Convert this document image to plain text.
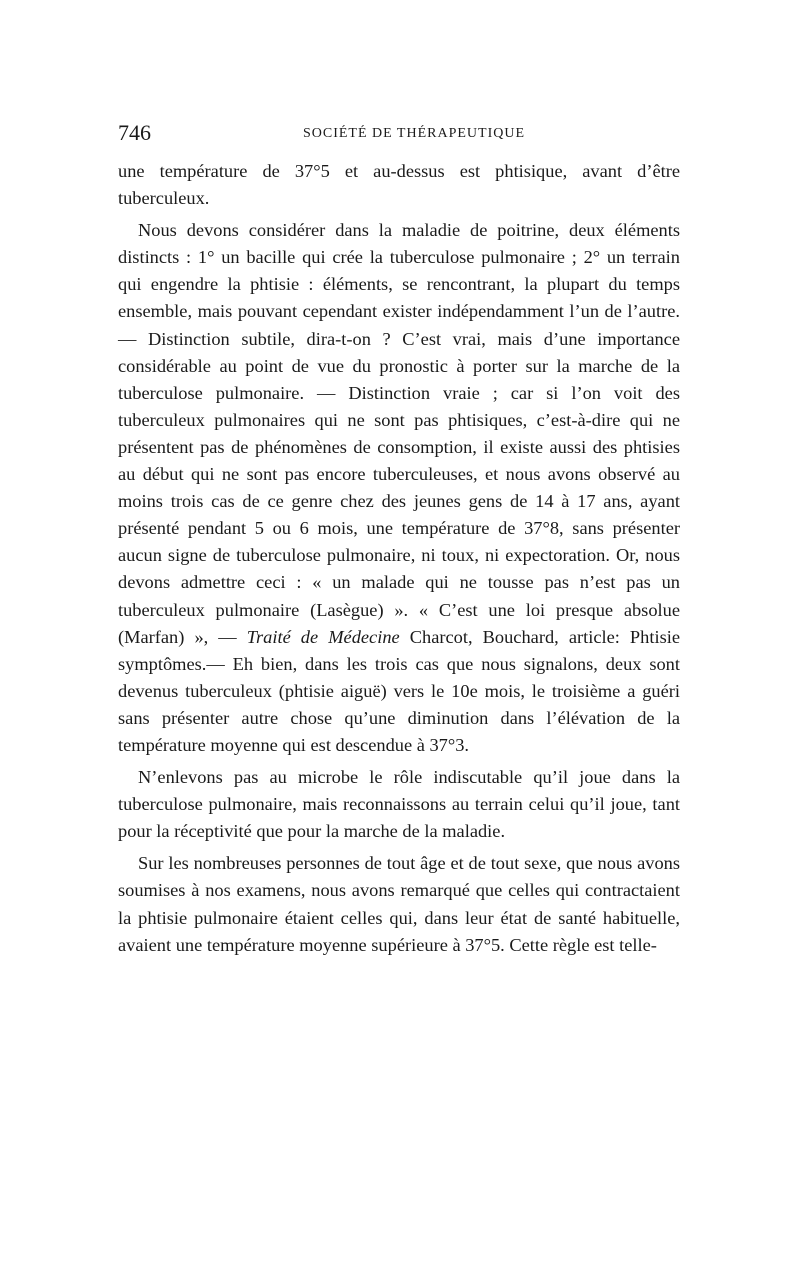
746	SOCIÉTÉ DE THÉRAPEUTIQUE

une température de 37°5 et au-dessus est phtisique, avant d’être tuberculeux.

Nous devons considérer dans la maladie de poitrine, deux éléments distincts : 1° un bacille qui crée la tuberculose pulmonaire ; 2° un terrain qui engendre la phtisie : éléments, se rencontrant, la plupart du temps ensemble, mais pouvant cependant exister indépendamment l’un de l’autre. — Distinction subtile, dira-t-on ? C’est vrai, mais d’une importance considérable au point de vue du pronostic à porter sur la marche de la tuberculose pulmonaire. — Distinction vraie ; car si l’on voit des tuberculeux pulmonaires qui ne sont pas phtisiques, c’est-à-dire qui ne présentent pas de phénomènes de consomption, il existe aussi des phtisies au début qui ne sont pas encore tuberculeuses, et nous avons observé au moins trois cas de ce genre chez des jeunes gens de 14 à 17 ans, ayant présenté pendant 5 ou 6 mois, une température de 37°8, sans présenter aucun signe de tuberculose pulmonaire, ni toux, ni expectoration. Or, nous devons admettre ceci : « un malade qui ne tousse pas n’est pas un tuberculeux pulmonaire (Lasègue) ». « C’est une loi presque absolue (Marfan) », — Traité de Médecine Charcot, Bouchard, article: Phtisie symptômes.— Eh bien, dans les trois cas que nous signalons, deux sont devenus tuberculeux (phtisie aiguë) vers le 10e mois, le troisième a guéri sans présenter autre chose qu’une diminution dans l’élévation de la température moyenne qui est descendue à 37°3.

N’enlevons pas au microbe le rôle indiscutable qu’il joue dans la tuberculose pulmonaire, mais reconnaissons au terrain celui qu’il joue, tant pour la réceptivité que pour la marche de la maladie.

Sur les nombreuses personnes de tout âge et de tout sexe, que nous avons soumises à nos examens, nous avons remarqué que celles qui contractaient la phtisie pulmonaire étaient celles qui, dans leur état de santé habituelle, avaient une température moyenne supérieure à 37°5. Cette règle est telle-
